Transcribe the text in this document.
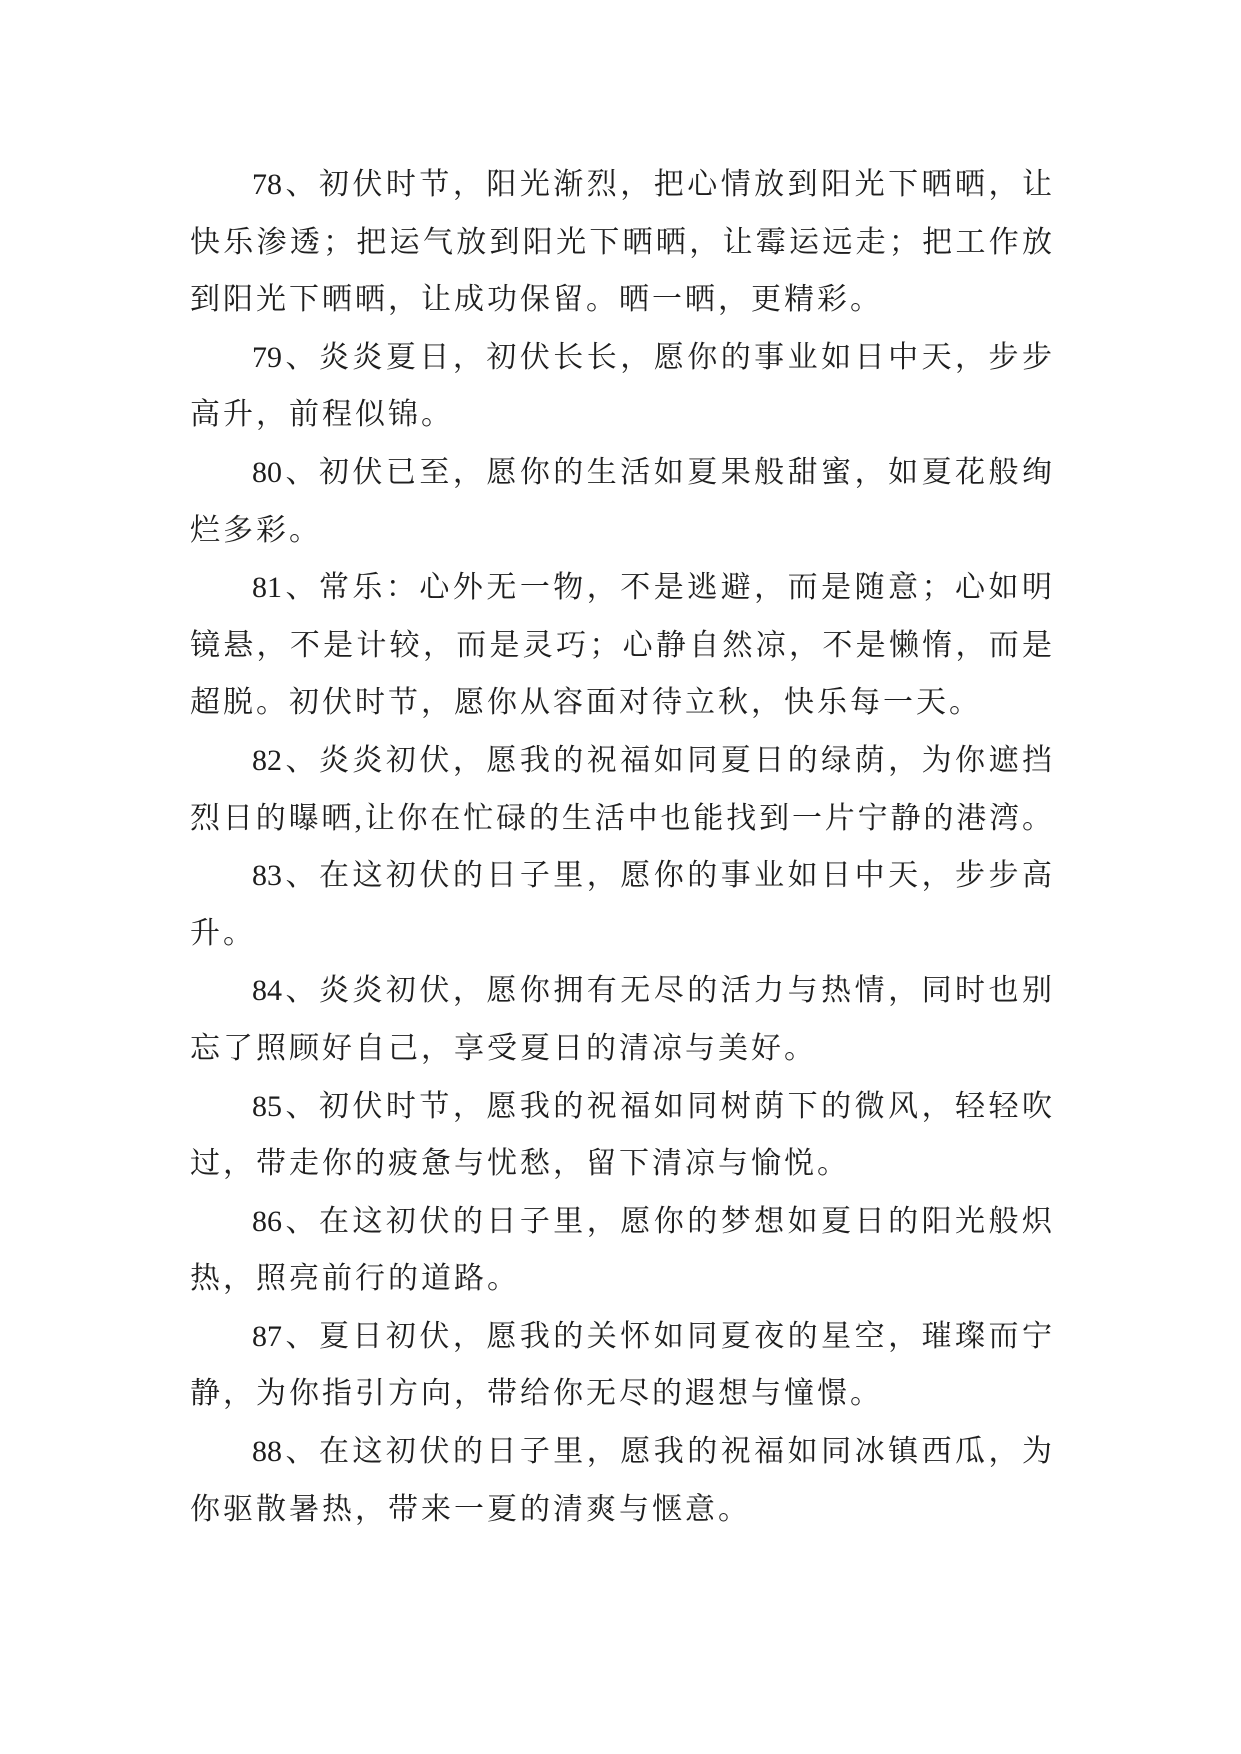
78、初伏时节，阳光渐烈，把心情放到阳光下晒晒，让
快乐渗透；把运气放到阳光下晒晒，让霉运远走；把工作放
到阳光下晒晒，让成功保留。晒一晒，更精彩。
79、炎炎夏日，初伏长长，愿你的事业如日中天，步步
高升，前程似锦。
80、初伏已至，愿你的生活如夏果般甜蜜，如夏花般绚
烂多彩。
81、常乐：心外无一物，不是逃避，而是随意；心如明
镜悬，不是计较，而是灵巧；心静自然凉，不是懒惰，而是
超脱。初伏时节，愿你从容面对待立秋，快乐每一天。
82、炎炎初伏，愿我的祝福如同夏日的绿荫，为你遮挡
烈日的曝晒,让你在忙碌的生活中也能找到一片宁静的港湾。
83、在这初伏的日子里，愿你的事业如日中天，步步高
升。
84、炎炎初伏，愿你拥有无尽的活力与热情，同时也别
忘了照顾好自己，享受夏日的清凉与美好。
85、初伏时节，愿我的祝福如同树荫下的微风，轻轻吹
过，带走你的疲惫与忧愁，留下清凉与愉悦。
86、在这初伏的日子里，愿你的梦想如夏日的阳光般炽
热，照亮前行的道路。
87、夏日初伏，愿我的关怀如同夏夜的星空，璀璨而宁
静，为你指引方向，带给你无尽的遐想与憧憬。
88、在这初伏的日子里，愿我的祝福如同冰镇西瓜，为
你驱散暑热，带来一夏的清爽与惬意。
